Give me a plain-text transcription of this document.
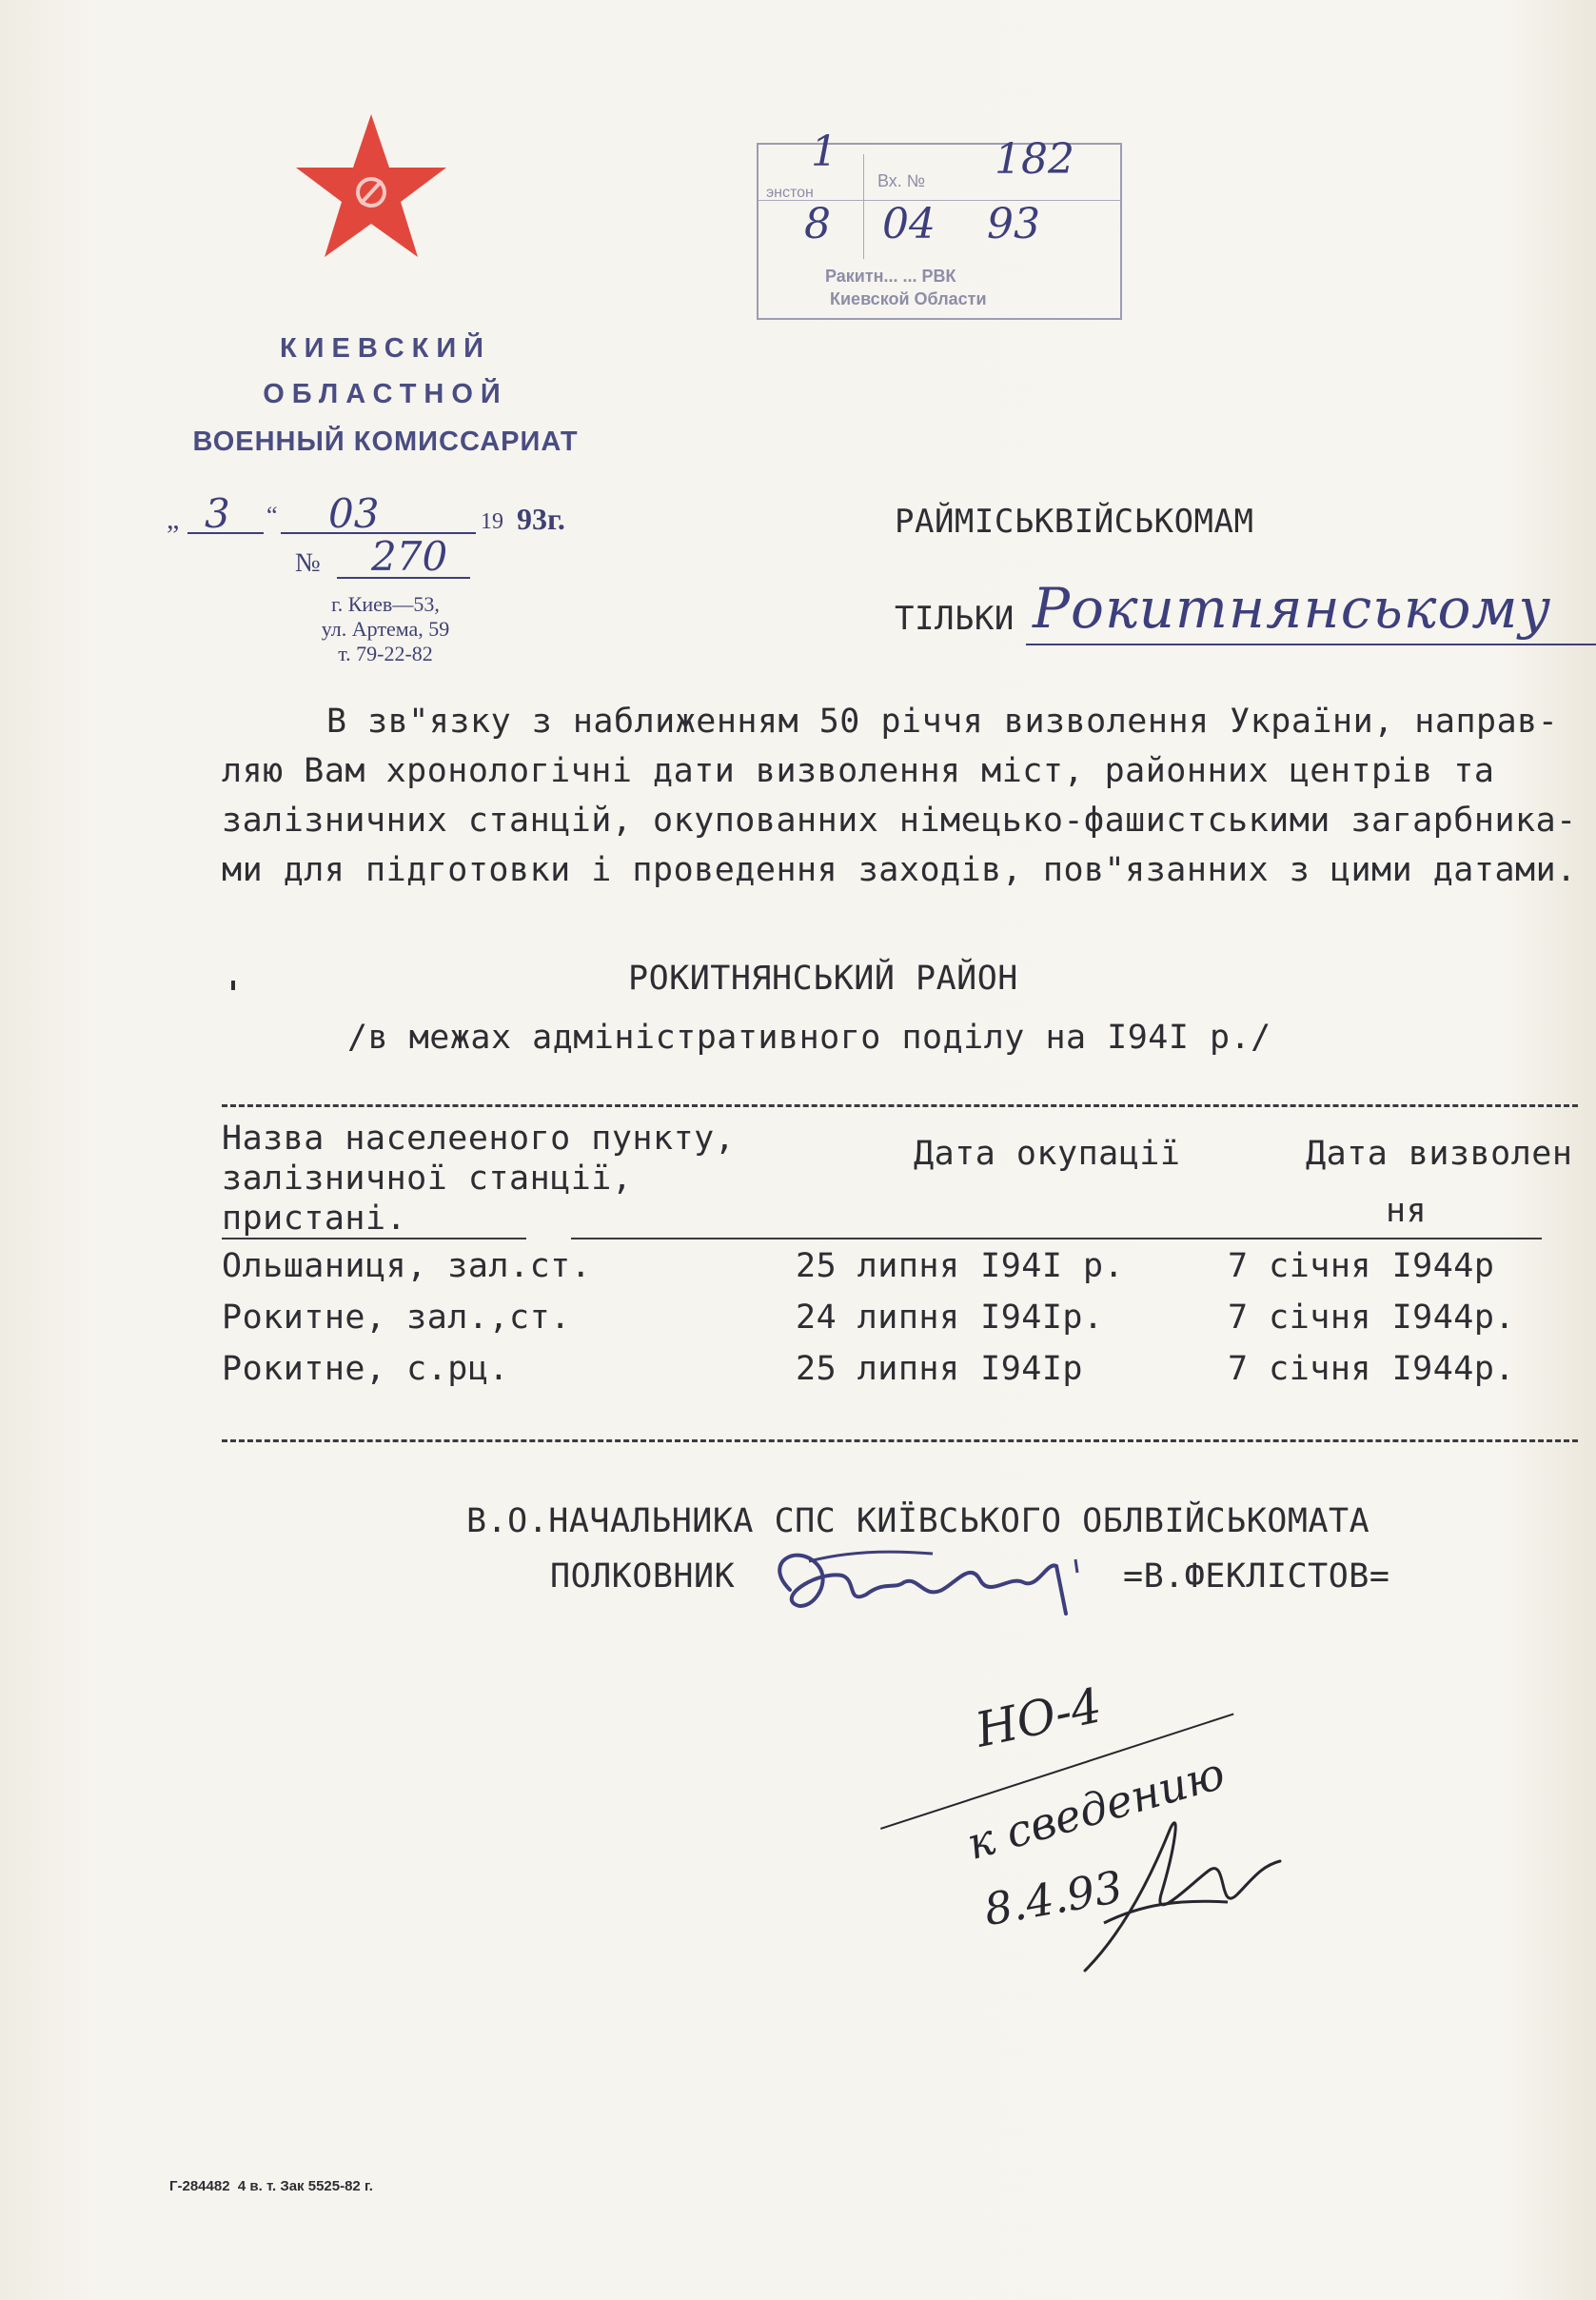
КИЕВСКИЙ
ОБЛАСТНОЙ
ВОЕННЫЙ КОМИССАРИАТ
„ 3 “ 03	19 93г.
№ 270
г. Киев—53,
ул. Артема, 59
т. 79-22-82
энстон
Вх. №
1	182
8 04 93
Ракитн... ... РВК
Киевской Области
РАЙМІСЬКВІЙСЬКОМАМ
ТІЛЬКИ Рокитнянському
В зв"язку з наближенням 50 річчя визволення України, направ-
ляю Вам хронологічні дати визволення міст, районних центрів та
залізничних станцій, окупованних німецько-фашистськими загарбника-
ми для підготовки і проведення заходів, пов"язанних з цими датами.
РОКИТНЯНСЬКИЙ РАЙОН
/в межах адміністративного поділу на I94I р./
Назва населееного пункту,
залізничної станції,
пристані.
Дата окупації	Дата визволен
ня
Ольшаниця, зал.ст.	25 липня I94I р.	7 січня I944р
Рокитне, зал.,ст.	24 липня I94Iр.	7 січня I944р.
Рокитне, с.рц.	25 липня I94Iр	7 січня I944р.
В.О.НАЧАЛЬНИКА СПС КИЇВСЬКОГО ОБЛВІЙСЬКОМАТА
ПОЛКОВНИК	=В.ФЕКЛІСТОВ=
НО-4
к сведению
8.4.93
Г-284482  4 в. т. Зак 5525-82 г.
